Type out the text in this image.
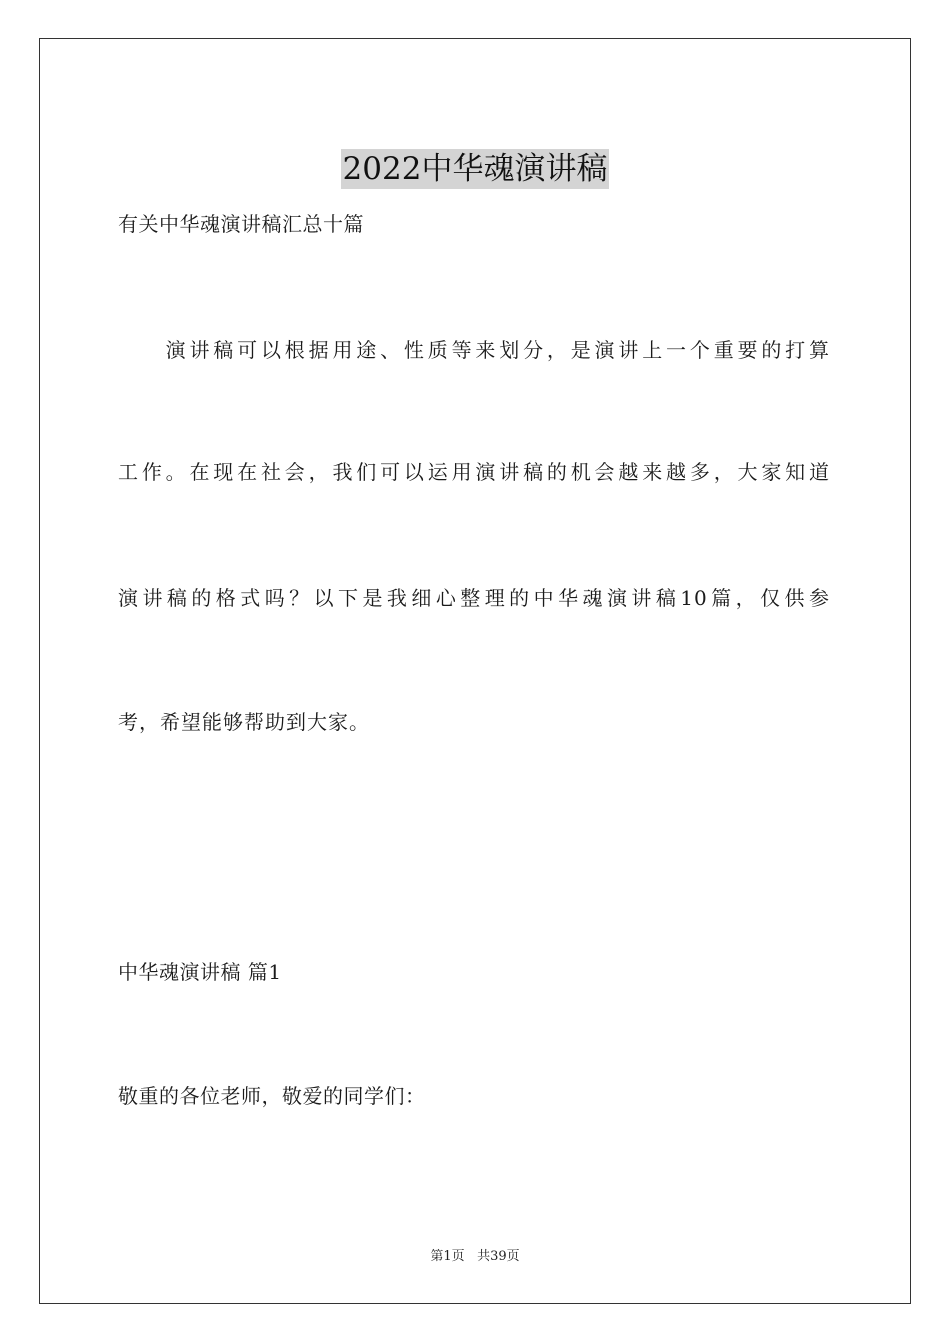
2022中华魂演讲稿
有关中华魂演讲稿汇总十篇
　　演讲稿可以根据用途、性质等来划分，是演讲上一个重要的打算
工作。在现在社会，我们可以运用演讲稿的机会越来越多，大家知道
演讲稿的格式吗？以下是我细心整理的中华魂演讲稿10篇，仅供参
考，希望能够帮助到大家。
中华魂演讲稿 篇1
敬重的各位老师，敬爱的同学们：
第1页 共39页
